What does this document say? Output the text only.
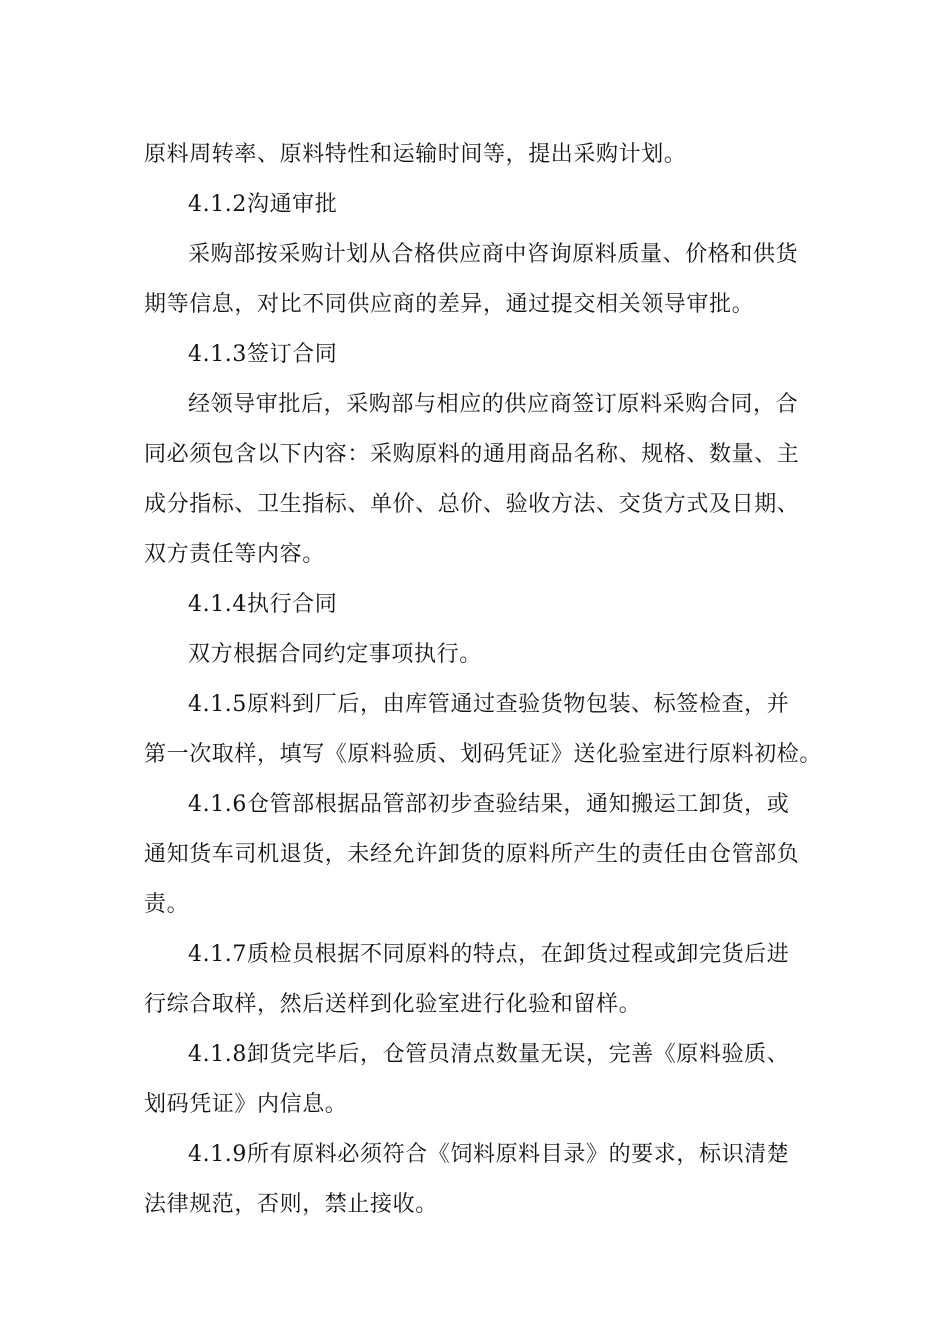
原料周转率、原料特性和运输时间等，提出采购计划。
4.1.2沟通审批
采购部按采购计划从合格供应商中咨询原料质量、价格和供货
期等信息，对比不同供应商的差异，通过提交相关领导审批。
4.1.3签订合同
经领导审批后，采购部与相应的供应商签订原料采购合同，合
同必须包含以下内容：采购原料的通用商品名称、规格、数量、主
成分指标、卫生指标、单价、总价、验收方法、交货方式及日期、
双方责任等内容。
4.1.4执行合同
双方根据合同约定事项执行。
4.1.5原料到厂后，由库管通过查验货物包装、标签检查，并
第一次取样，填写《原料验质、划码凭证》送化验室进行原料初检。
4.1.6仓管部根据品管部初步查验结果，通知搬运工卸货，或
通知货车司机退货，未经允许卸货的原料所产生的责任由仓管部负
责。
4.1.7质检员根据不同原料的特点，在卸货过程或卸完货后进
行综合取样，然后送样到化验室进行化验和留样。
4.1.8卸货完毕后，仓管员清点数量无误，完善《原料验质、
划码凭证》内信息。
4.1.9所有原料必须符合《饲料原料目录》的要求，标识清楚
法律规范，否则，禁止接收。
